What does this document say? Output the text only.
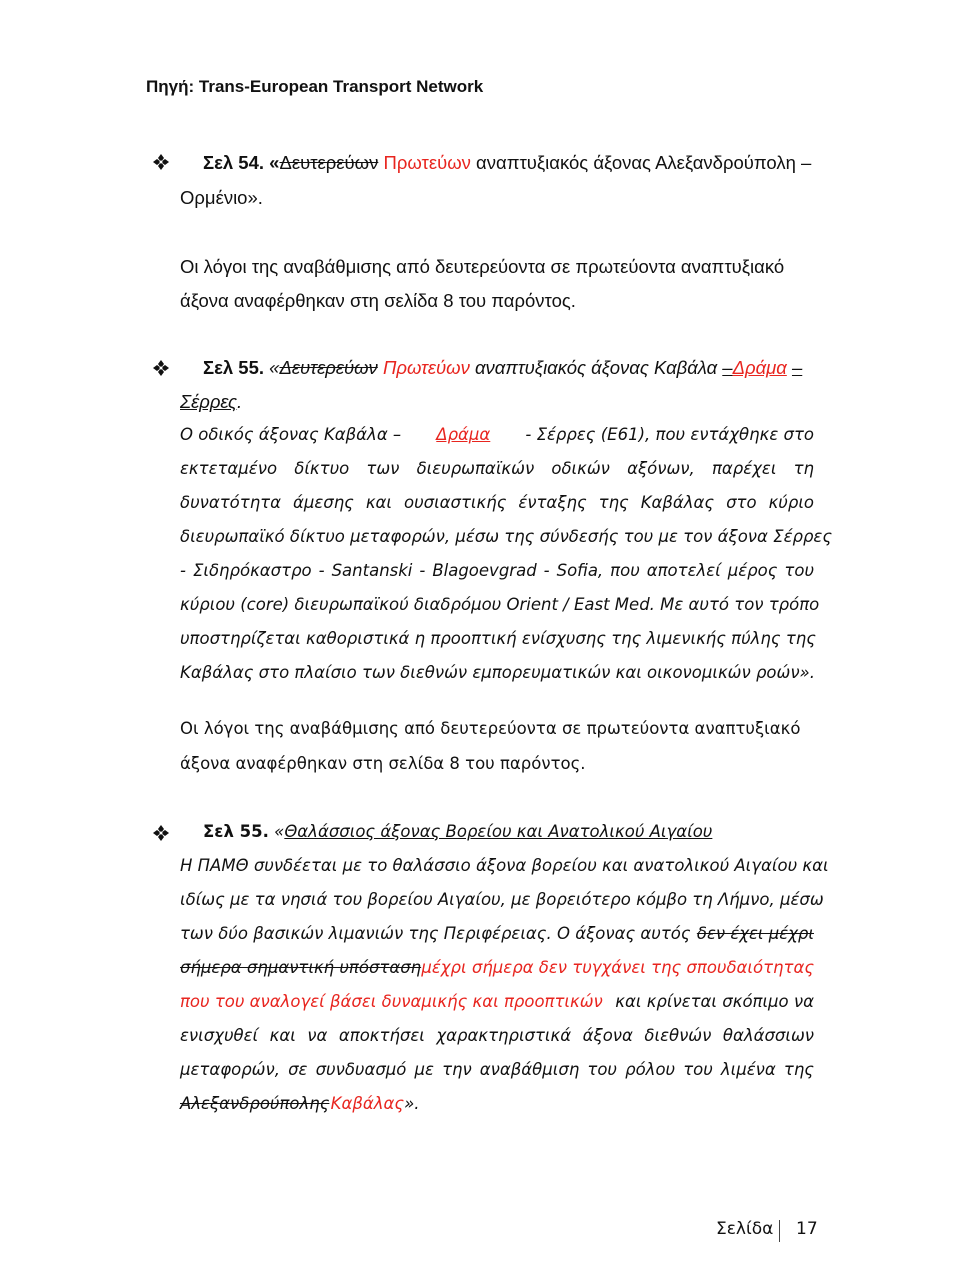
Πηγή: Trans-European Transport Network
Σελ 54. «Δευτερεύων Πρωτεύων αναπτυξιακός άξονας Αλεξανδρούπολη –
Ορμένιο».
Οι λόγοι της αναβάθμισης από δευτερεύοντα σε πρωτεύοντα αναπτυξιακό
άξονα αναφέρθηκαν στη σελίδα 8 του παρόντος.
Σελ 55. «Δευτερεύων Πρωτεύων αναπτυξιακός άξονας Καβάλα –Δράμα –
Σέρρες.
Ο οδικός άξονας Καβάλα – Δράμα - Σέρρες (Ε61), που εντάχθηκε στο
εκτεταμένο δίκτυο των διευρωπαϊκών οδικών αξόνων, παρέχει τη
δυνατότητα άμεσης και ουσιαστικής ένταξης της Καβάλας στο κύριο
διευρωπαϊκό δίκτυο μεταφορών, μέσω της σύνδεσής του με τον άξονα Σέρρες
- Σιδηρόκαστρο - Santanski - Blagoevgrad - Sofia, που αποτελεί μέρος του
κύριου (core) διευρωπαϊκού διαδρόμου Orient / East Med. Με αυτό τον τρόπο
υποστηρίζεται καθοριστικά η προοπτική ενίσχυσης της λιμενικής πύλης της
Καβάλας στο πλαίσιο των διεθνών εμπορευματικών και οικονομικών ροών».
Οι λόγοι της αναβάθμισης από δευτερεύοντα σε πρωτεύοντα αναπτυξιακό
άξονα αναφέρθηκαν στη σελίδα 8 του παρόντος.
Σελ 55. «Θαλάσσιος άξονας Βορείου και Ανατολικού Αιγαίου
Η ΠΑΜΘ συνδέεται με το θαλάσσιο άξονα βορείου και ανατολικού Αιγαίου και
ιδίως με τα νησιά του βορείου Αιγαίου, με βορειότερο κόμβο τη Λήμνο, μέσω
των δύο βασικών λιμανιών της Περιφέρειας. Ο άξονας αυτός δεν έχει μέχρι
σήμερα σημαντική υπόσταση μέχρι σήμερα δεν τυγχάνει της σπουδαιότητας
που του αναλογεί βάσει δυναμικής και προοπτικών και κρίνεται σκόπιμο να
ενισχυθεί και να αποκτήσει χαρακτηριστικά άξονα διεθνών θαλάσσιων
μεταφορών, σε συνδυασμό με την αναβάθμιση του ρόλου του λιμένα της
Αλεξανδρούπολης Καβάλας».
Σελίδα 17
